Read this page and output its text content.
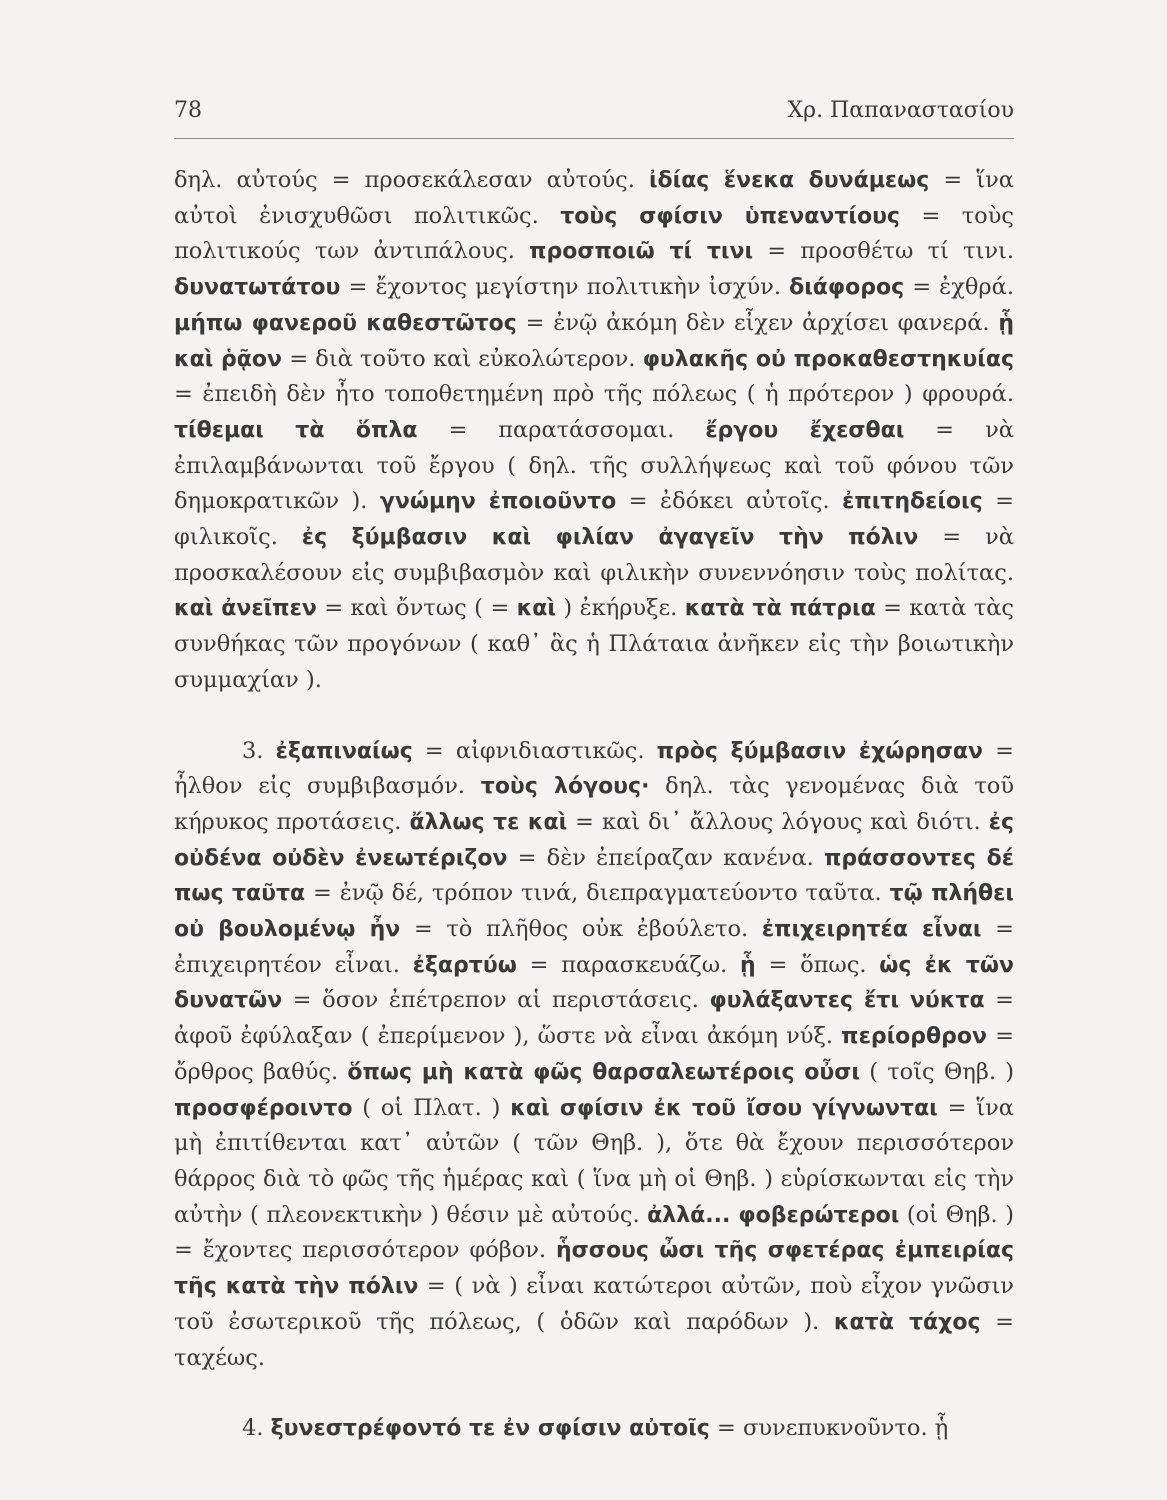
78	Χρ. Παπαναστασίου

δηλ. αὐτούς = προσεκάλεσαν αὐτούς. ἰδίας ἕνεκα δυνάμεως = ἵνα αὐτοὶ ἐνισχυθῶσι πολιτικῶς. τοὺς σφίσιν ὑπεναντίους = τοὺς πολιτικούς των ἀντιπάλους. προσποιῶ τί τινι = προσθέτω τί τινι. δυνατωτάτου = ἔχοντος μεγίστην πολιτικὴν ἰσχύν. διάφορος = ἐχθρά. μήπω φανεροῦ καθεστῶτος = ἐνῷ ἀκόμη δὲν εἶχεν ἀρχίσει φανερά. ᾗ καὶ ῥᾷον = διὰ τοῦτο καὶ εὐκολώτερον. φυλακῆς οὐ προκαθεστηκυίας = ἐπειδὴ δὲν ἦτο τοποθετημένη πρὸ τῆς πόλεως ( ἡ πρότερον ) φρουρά. τίθεμαι τὰ ὅπλα = παρατάσσομαι. ἔργου ἔχεσθαι = νὰ ἐπιλαμβάνωνται τοῦ ἔργου ( δηλ. τῆς συλλήψεως καὶ τοῦ φόνου τῶν δημοκρατικῶν ). γνώμην ἐποιοῦντο = ἐδόκει αὐτοῖς. ἐπιτηδείοις = φιλικοῖς. ἐς ξύμβασιν καὶ φιλίαν ἀγαγεῖν τὴν πόλιν = νὰ προσκαλέσουν εἰς συμβιβασμὸν καὶ φιλικὴν συνεννόησιν τοὺς πολίτας. καὶ ἀνεῖπεν = καὶ ὄντως ( = καὶ ) ἐκήρυξε. κατὰ τὰ πάτρια = κατὰ τὰς συνθήκας τῶν προγόνων ( καθ᾽ ἃς ἡ Πλάταια ἀνῆκεν εἰς τὴν βοιωτικὴν συμμαχίαν ).

3. ἐξαπιναίως = αἰφνιδιαστικῶς. πρὸς ξύμβασιν ἐχώρησαν = ἦλθον εἰς συμβιβασμόν. τοὺς λόγους· δηλ. τὰς γενομένας διὰ τοῦ κήρυκος προτάσεις. ἄλλως τε καὶ = καὶ δι᾽ ἄλλους λόγους καὶ διότι. ἐς οὐδένα οὐδὲν ἐνεωτέριζον = δὲν ἐπείραζαν κανένα. πράσσοντες δέ πως ταῦτα = ἐνῷ δέ, τρόπον τινά, διεπραγματεύοντο ταῦτα. τῷ πλήθει οὐ βουλομένῳ ἦν = τὸ πλῆθος οὐκ ἐβούλετο. ἐπιχειρητέα εἶναι = ἐπιχειρητέον εἶναι. ἐξαρτύω = παρασκευάζω. ᾗ = ὅπως. ὡς ἐκ τῶν δυνατῶν = ὅσον ἐπέτρεπον αἱ περιστάσεις. φυλάξαντες ἔτι νύκτα = ἀφοῦ ἐφύλαξαν ( ἐπερίμενον ), ὥστε νὰ εἶναι ἀκόμη νύξ. περίορθρον = ὄρθρος βαθύς. ὅπως μὴ κατὰ φῶς θαρσαλεωτέροις οὖσι ( τοῖς Θηβ. ) προσφέροιντο ( οἱ Πλατ. ) καὶ σφίσιν ἐκ τοῦ ἴσου γίγνωνται = ἵνα μὴ ἐπιτίθενται κατ᾽ αὐτῶν ( τῶν Θηβ. ), ὅτε θὰ ἔχουν περισσότερον θάρρος διὰ τὸ φῶς τῆς ἡμέρας καὶ ( ἵνα μὴ οἱ Θηβ. ) εὑρίσκωνται εἰς τὴν αὐτὴν ( πλεονεκτικὴν ) θέσιν μὲ αὐτούς. ἀλλά... φοβερώτεροι (οἱ Θηβ. ) = ἔχοντες περισσότερον φόβον. ἧσσους ὦσι τῆς σφετέρας ἐμπειρίας τῆς κατὰ τὴν πόλιν = ( νὰ ) εἶναι κατώτεροι αὐτῶν, ποὺ εἶχον γνῶσιν τοῦ ἐσωτερικοῦ τῆς πόλεως, ( ὁδῶν καὶ παρόδων ). κατὰ τάχος = ταχέως.

4. ξυνεστρέφοντό τε ἐν σφίσιν αὐτοῖς = συνεπυκνοῦντο. ᾗ
